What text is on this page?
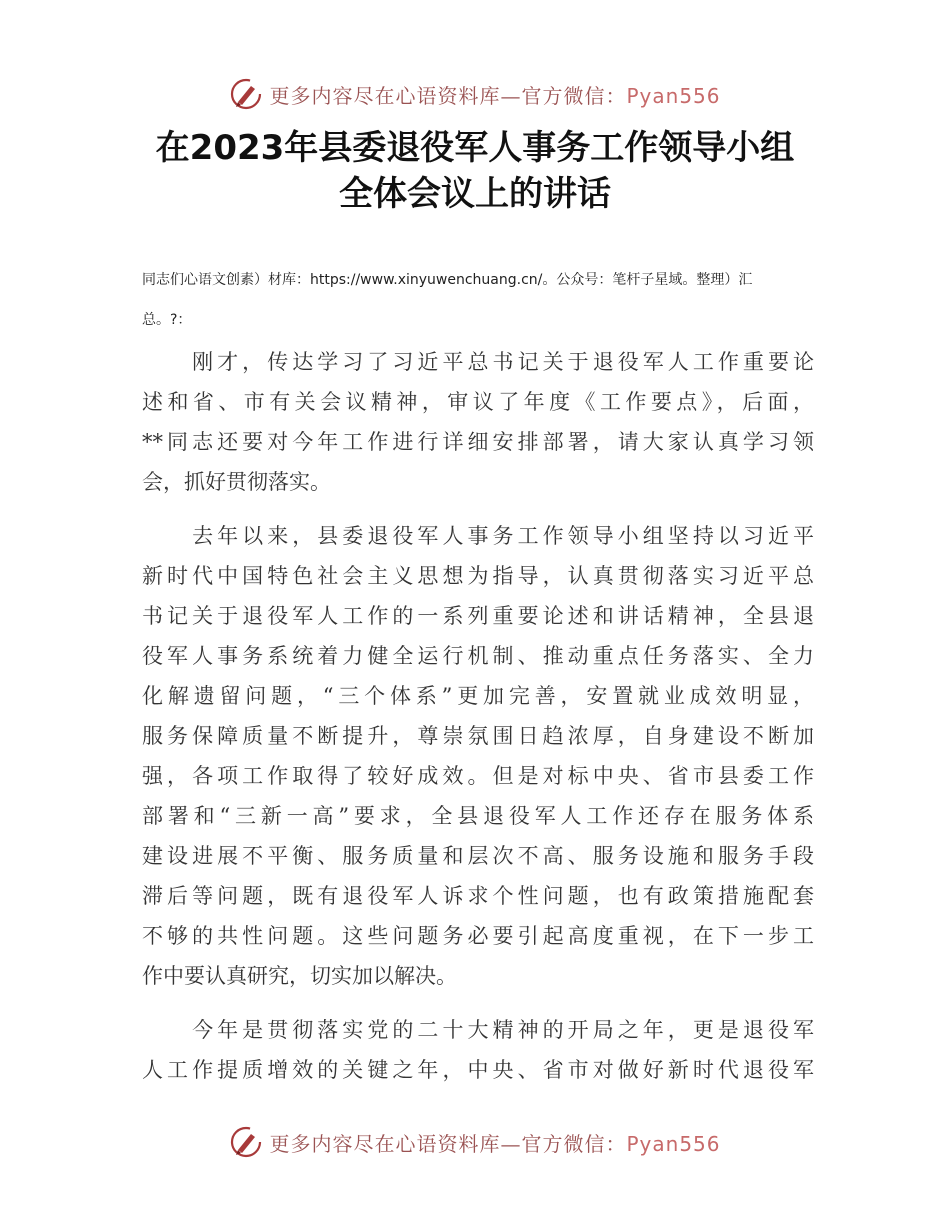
更多内容尽在心语资料库—官方微信：Pyan556
在2023年县委退役军人事务工作领导小组
全体会议上的讲话
同志们心语文创素）材库：https://www.xinyuwenchuang.cn/。公众号：笔杆子星域。整理）汇
总。?：
　　刚才，传达学习了习近平总书记关于退役军人工作重要论
述和省、市有关会议精神，审议了年度《工作要点》，后面，
**同志还要对今年工作进行详细安排部署，请大家认真学习领
会，抓好贯彻落实。
　　去年以来，县委退役军人事务工作领导小组坚持以习近平
新时代中国特色社会主义思想为指导，认真贯彻落实习近平总
书记关于退役军人工作的一系列重要论述和讲话精神，全县退
役军人事务系统着力健全运行机制、推动重点任务落实、全力
化解遗留问题，“三个体系”更加完善，安置就业成效明显，
服务保障质量不断提升，尊崇氛围日趋浓厚，自身建设不断加
强，各项工作取得了较好成效。但是对标中央、省市县委工作
部署和“三新一高”要求，全县退役军人工作还存在服务体系
建设进展不平衡、服务质量和层次不高、服务设施和服务手段
滞后等问题，既有退役军人诉求个性问题，也有政策措施配套
不够的共性问题。这些问题务必要引起高度重视，在下一步工
作中要认真研究，切实加以解决。
　　今年是贯彻落实党的二十大精神的开局之年，更是退役军
人工作提质增效的关键之年，中央、省市对做好新时代退役军
更多内容尽在心语资料库—官方微信：Pyan556
